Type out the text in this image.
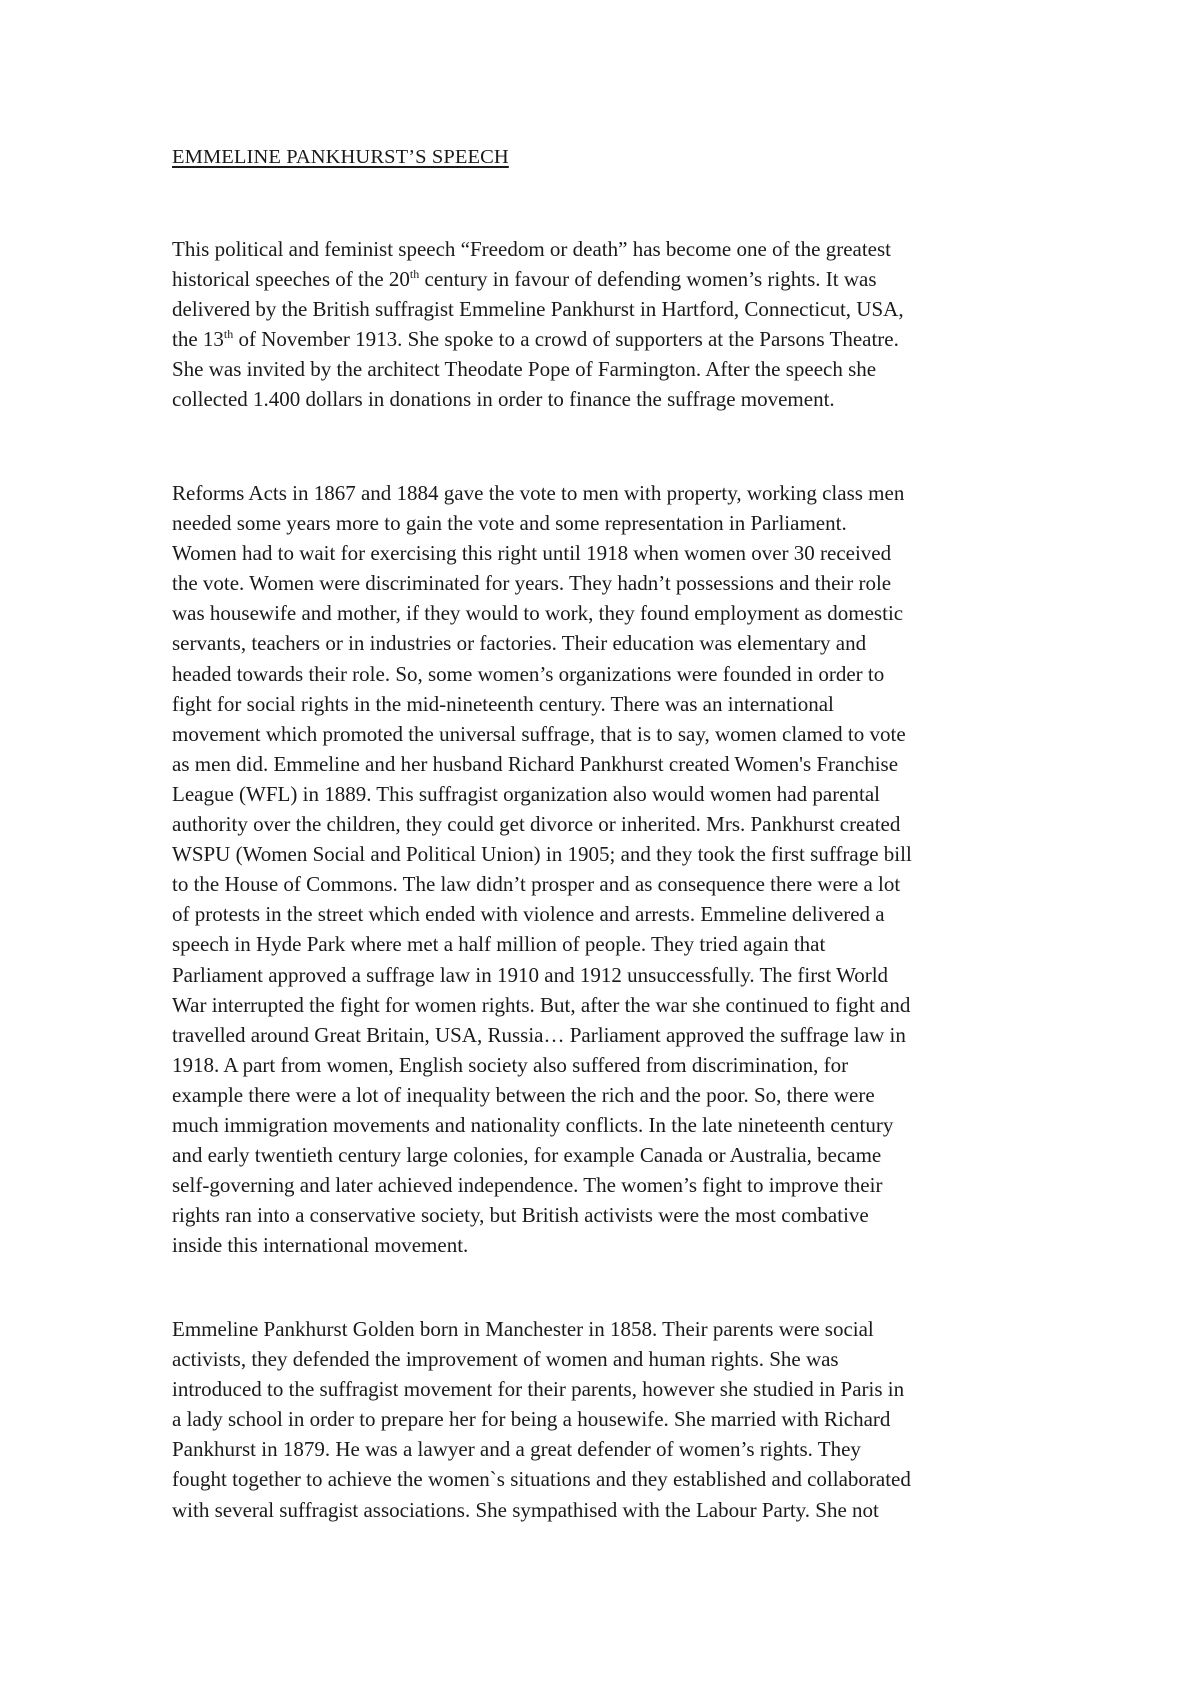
EMMELINE PANKHURST’S SPEECH

This political and feminist speech “Freedom or death” has become one of the greatest
historical speeches of the 20th century in favour of defending women’s rights. It was
delivered by the British suffragist Emmeline Pankhurst in Hartford, Connecticut, USA,
the 13th of November 1913. She spoke to a crowd of supporters at the Parsons Theatre.
She was invited by the architect Theodate Pope of Farmington. After the speech she
collected 1.400 dollars in donations in order to finance the suffrage movement.

Reforms Acts in 1867 and 1884 gave the vote to men with property, working class men
needed some years more to gain the vote and some representation in Parliament.
Women had to wait for exercising this right until 1918 when women over 30 received
the vote. Women were discriminated for years. They hadn’t possessions and their role
was housewife and mother, if they would to work, they found employment as domestic
servants, teachers or in industries or factories. Their education was elementary and
headed towards their role. So, some women’s organizations were founded in order to
fight for social rights in the mid-nineteenth century. There was an international
movement which promoted the universal suffrage, that is to say, women clamed to vote
as men did. Emmeline and her husband Richard Pankhurst created Women's Franchise
League (WFL) in 1889. This suffragist organization also would women had parental
authority over the children, they could get divorce or inherited. Mrs. Pankhurst created
WSPU (Women Social and Political Union) in 1905; and they took the first suffrage bill
to the House of Commons. The law didn’t prosper and as consequence there were a lot
of protests in the street which ended with violence and arrests. Emmeline delivered a
speech in Hyde Park where met a half million of people. They tried again that
Parliament approved a suffrage law in 1910 and 1912 unsuccessfully. The first World
War interrupted the fight for women rights. But, after the war she continued to fight and
travelled around Great Britain, USA, Russia… Parliament approved the suffrage law in
1918. A part from women, English society also suffered from discrimination, for
example there were a lot of inequality between the rich and the poor. So, there were
much immigration movements and nationality conflicts. In the late nineteenth century
and early twentieth century large colonies, for example Canada or Australia, became
self-governing and later achieved independence. The women’s fight to improve their
rights ran into a conservative society, but British activists were the most combative
inside this international movement.

Emmeline Pankhurst Golden born in Manchester in 1858. Their parents were social
activists, they defended the improvement of women and human rights. She was
introduced to the suffragist movement for their parents, however she studied in Paris in
a lady school in order to prepare her for being a housewife. She married with Richard
Pankhurst in 1879. He was a lawyer and a great defender of women’s rights. They
fought together to achieve the women`s situations and they established and collaborated
with several suffragist associations. She sympathised with the Labour Party. She not
